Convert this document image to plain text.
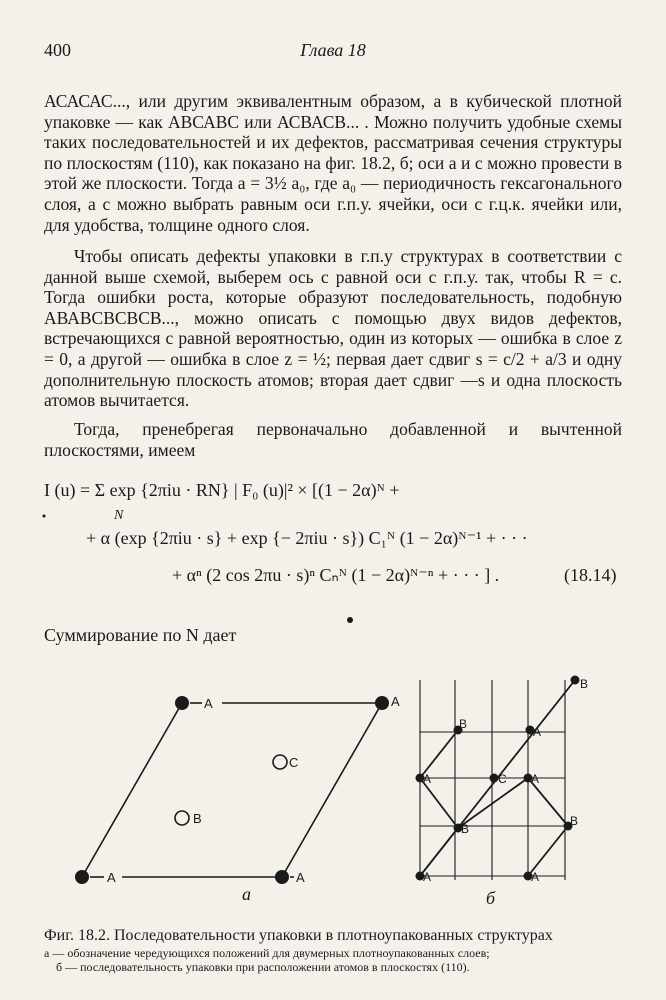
400	Глава 18

АСАСАС..., или другим эквивалентным образом, а в кубической плотной упаковке — как АВСАВС или АСВАСВ... . Можно получить удобные схемы таких последовательностей и их дефектов, рассматривая сечения структуры по плоскостям (110), как показано на фиг. 18.2, б; оси а и с можно провести в этой же плоскости. Тогда а = 3½ а₀, где а₀ — периодичность гексагонального слоя, а с можно выбрать равным оси г.п.у. ячейки, оси с г.ц.к. ячейки или, для удобства, толщине одного слоя.

Чтобы описать дефекты упаковки в г.п.у структурах в соответствии с данной выше схемой, выберем ось с равной оси с г.п.у. так, чтобы R = с. Тогда ошибки роста, которые образуют последовательность, подобную АВАВСВСВСВ..., можно описать с помощью двух видов дефектов, встречающихся с равной вероятностью, один из которых — ошибка в слое z = 0, а другой — ошибка в слое z = ½; первая дает сдвиг s = с/2 + а/3 и одну дополнительную плоскость атомов; вторая дает сдвиг —s и одна плоскость атомов вычитается.

Тогда, пренебрегая первоначально добавленной и вычтенной плоскостями, имеем

I (u) = Σ exp {2πiu · RN} | F₀ (u)|² × [(1 − 2α)ᴺ +
N
+ α (exp {2πiu · s} + exp {− 2πiu · s}) C₁ᴺ (1 − 2α)ᴺ⁻¹ + · · ·
+ αⁿ (2 cos 2πu · s)ⁿ Cₙᴺ (1 − 2α)ᴺ⁻ⁿ + · · · ] .	(18.14)
Суммирование по N дает
A	A
A	A
B
C
B
B
A
A	C A
B
B
A	A
а	б
Фиг. 18.2. Последовательности упаковки в плотноупакованных структурах
а — обозначение чередующихся положений для двумерных плотноупакованных слоев;
б — последовательность упаковки при расположении атомов в плоскостях (110).
